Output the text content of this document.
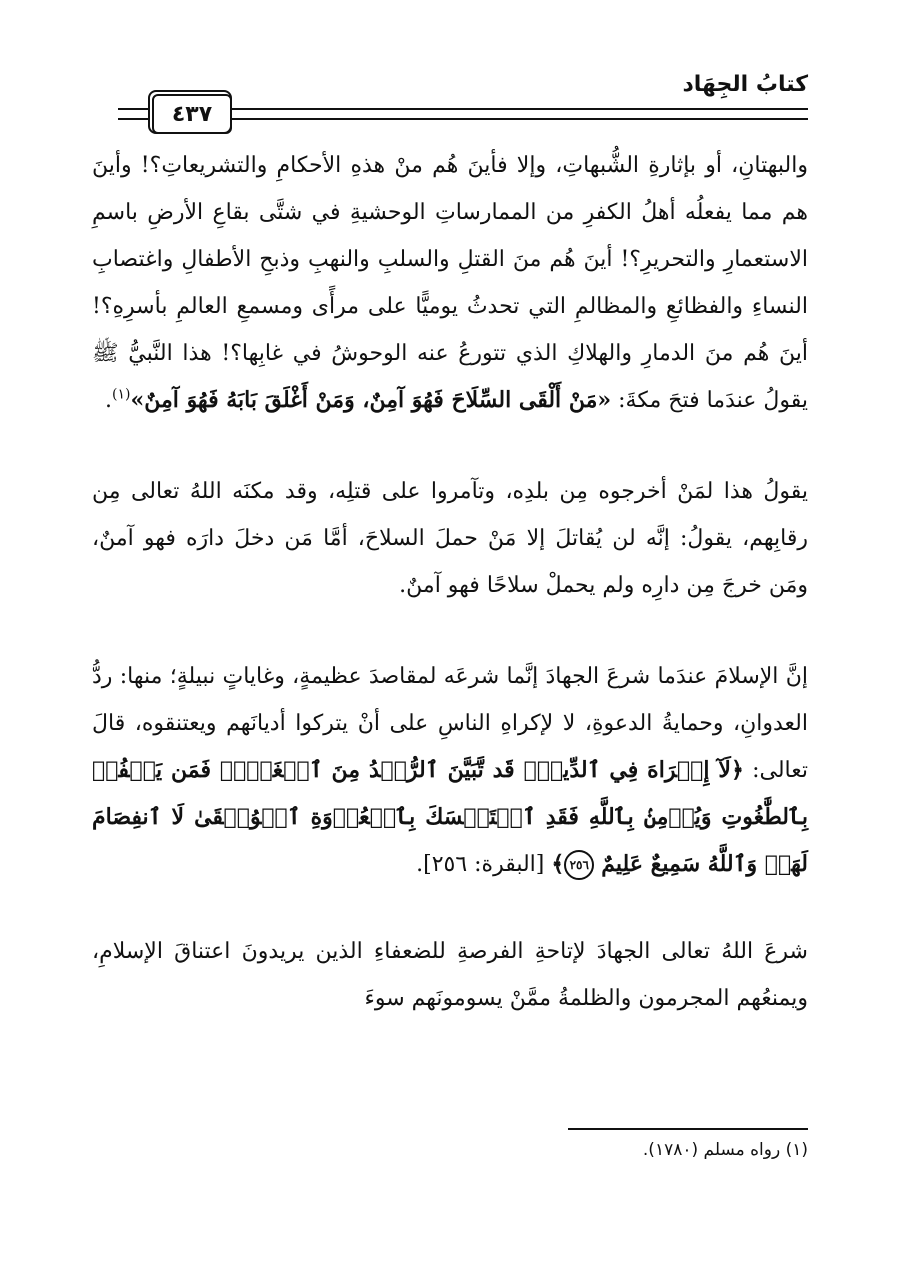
كتابُ الجِهَاد
٤٣٧

والبهتانِ، أو بإثارةِ الشُّبهاتِ، وإلا فأينَ هُم منْ هذهِ الأحكامِ والتشريعاتِ؟! وأينَ هم مما يفعلُه أهلُ الكفرِ من الممارساتِ الوحشيةِ في شتَّى بقاعِ الأرضِ باسمِ الاستعمارِ والتحريرِ؟! أينَ هُم منَ القتلِ والسلبِ والنهبِ وذبحِ الأطفالِ واغتصابِ النساءِ والفظائعِ والمظالمِ التي تحدثُ يوميًّا على مرأًى ومسمعِ العالمِ بأسرِهِ؟! أينَ هُم منَ الدمارِ والهلاكِ الذي تتورعُ عنه الوحوشُ في غابِها؟! هذا النَّبيُّ ﷺ يقولُ عندَما فتحَ مكةَ: «مَنْ أَلْقَى السِّلَاحَ فَهُوَ آمِنٌ، وَمَنْ أَغْلَقَ بَابَهُ فَهُوَ آمِنٌ»$^{(١)}$.

يقولُ هذا لمَنْ أخرجوه مِن بلدِه، وتآمروا على قتلِه، وقد مكنَه اللهُ تعالى مِن رقابِهم، يقولُ: إنَّه لن يُقاتلَ إلا مَنْ حملَ السلاحَ، أمَّا مَن دخلَ دارَه فهو آمنٌ، ومَن خرجَ مِن دارِه ولم يحملْ سلاحًا فهو آمنٌ.

إنَّ الإسلامَ عندَما شرعَ الجهادَ إنَّما شرعَه لمقاصدَ عظيمةٍ، وغاياتٍ نبيلةٍ؛ منها: ردُّ العدوانِ، وحمايةُ الدعوةِ، لا لإكراهِ الناسِ على أنْ يتركوا أديانَهم ويعتنقوه، قالَ تعالى: ﴿لَآ إِكۡرَاهَ فِي ٱلدِّينِۖ قَد تَّبَيَّنَ ٱلرُّشۡدُ مِنَ ٱلۡغَيِّۚ فَمَن يَكۡفُرۡ بِٱلطَّٰغُوتِ وَيُؤۡمِنۢ بِٱللَّهِ فَقَدِ ٱسۡتَمۡسَكَ بِٱلۡعُرۡوَةِ ٱلۡوُثۡقَىٰ لَا ٱنفِصَامَ لَهَاۗ وَٱللَّهُ سَمِيعٌ عَلِيمٌ ٢٥٦﴾ [البقرة: ٢٥٦].

شرعَ اللهُ تعالى الجهادَ لإتاحةِ الفرصةِ للضعفاءِ الذين يريدونَ اعتناقَ الإسلامِ، ويمنعُهم المجرمون والظلمةُ ممَّنْ يسومونَهم سوءَ

(١) رواه مسلم (١٧٨٠).
